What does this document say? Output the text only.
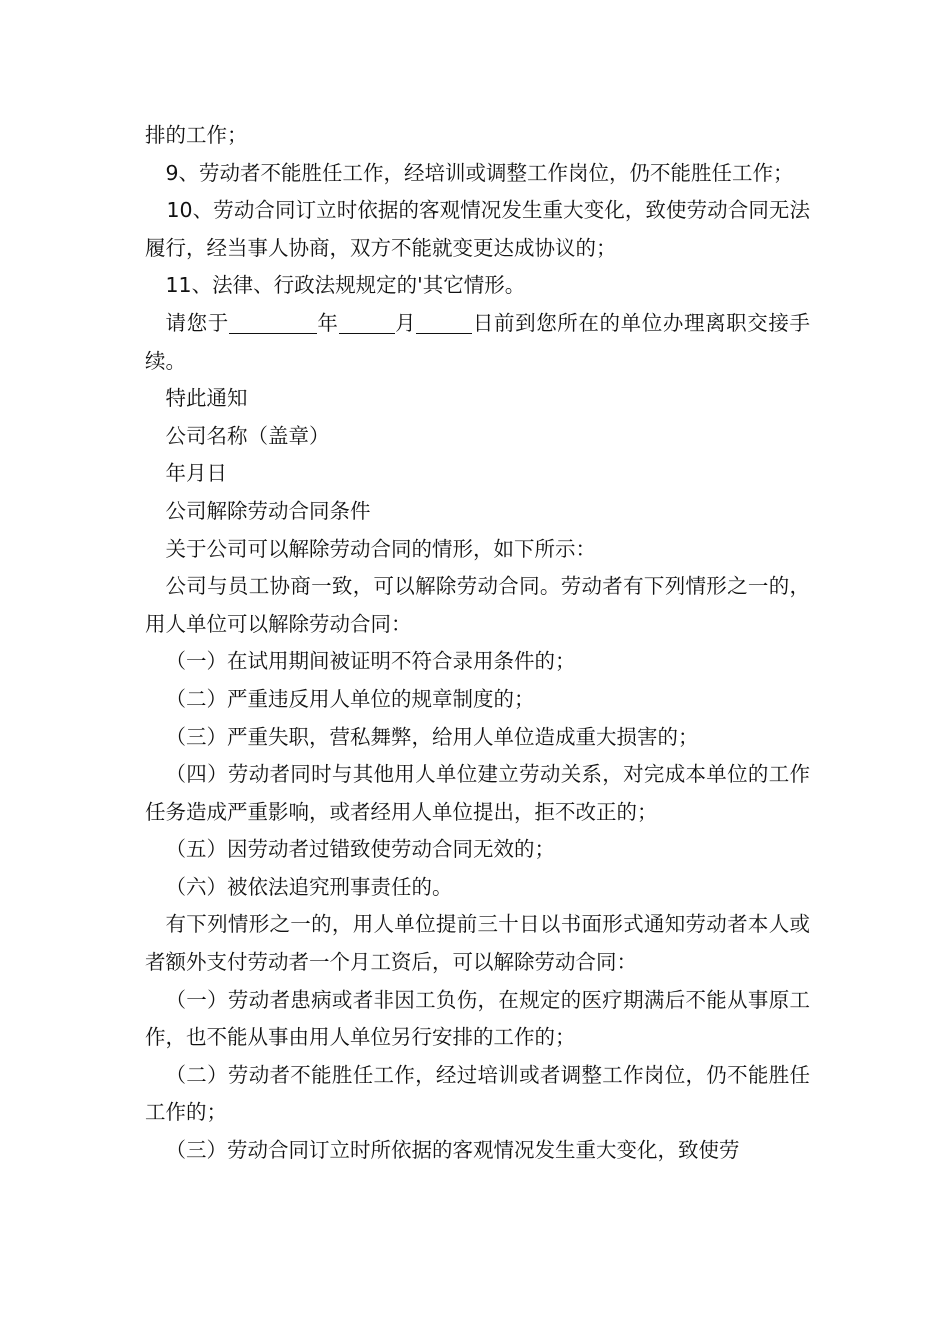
排的工作；

9、劳动者不能胜任工作，经培训或调整工作岗位，仍不能胜任工作；

10、劳动合同订立时依据的客观情况发生重大变化，致使劳动合同无法履行，经当事人协商，双方不能就变更达成协议的；

11、法律、行政法规规定的'其它情形。

请您于	年	月	日前到您所在的单位办理离职交接手续。

特此通知

公司名称（盖章）

年月日

公司解除劳动合同条件

关于公司可以解除劳动合同的情形，如下所示：

公司与员工协商一致，可以解除劳动合同。劳动者有下列情形之一的，用人单位可以解除劳动合同：

（一）在试用期间被证明不符合录用条件的；

（二）严重违反用人单位的规章制度的；

（三）严重失职，营私舞弊，给用人单位造成重大损害的；

（四）劳动者同时与其他用人单位建立劳动关系，对完成本单位的工作任务造成严重影响，或者经用人单位提出，拒不改正的；

（五）因劳动者过错致使劳动合同无效的；

（六）被依法追究刑事责任的。

有下列情形之一的，用人单位提前三十日以书面形式通知劳动者本人或者额外支付劳动者一个月工资后，可以解除劳动合同：

（一）劳动者患病或者非因工负伤，在规定的医疗期满后不能从事原工作，也不能从事由用人单位另行安排的工作的；

（二）劳动者不能胜任工作，经过培训或者调整工作岗位，仍不能胜任工作的；

（三）劳动合同订立时所依据的客观情况发生重大变化，致使劳
